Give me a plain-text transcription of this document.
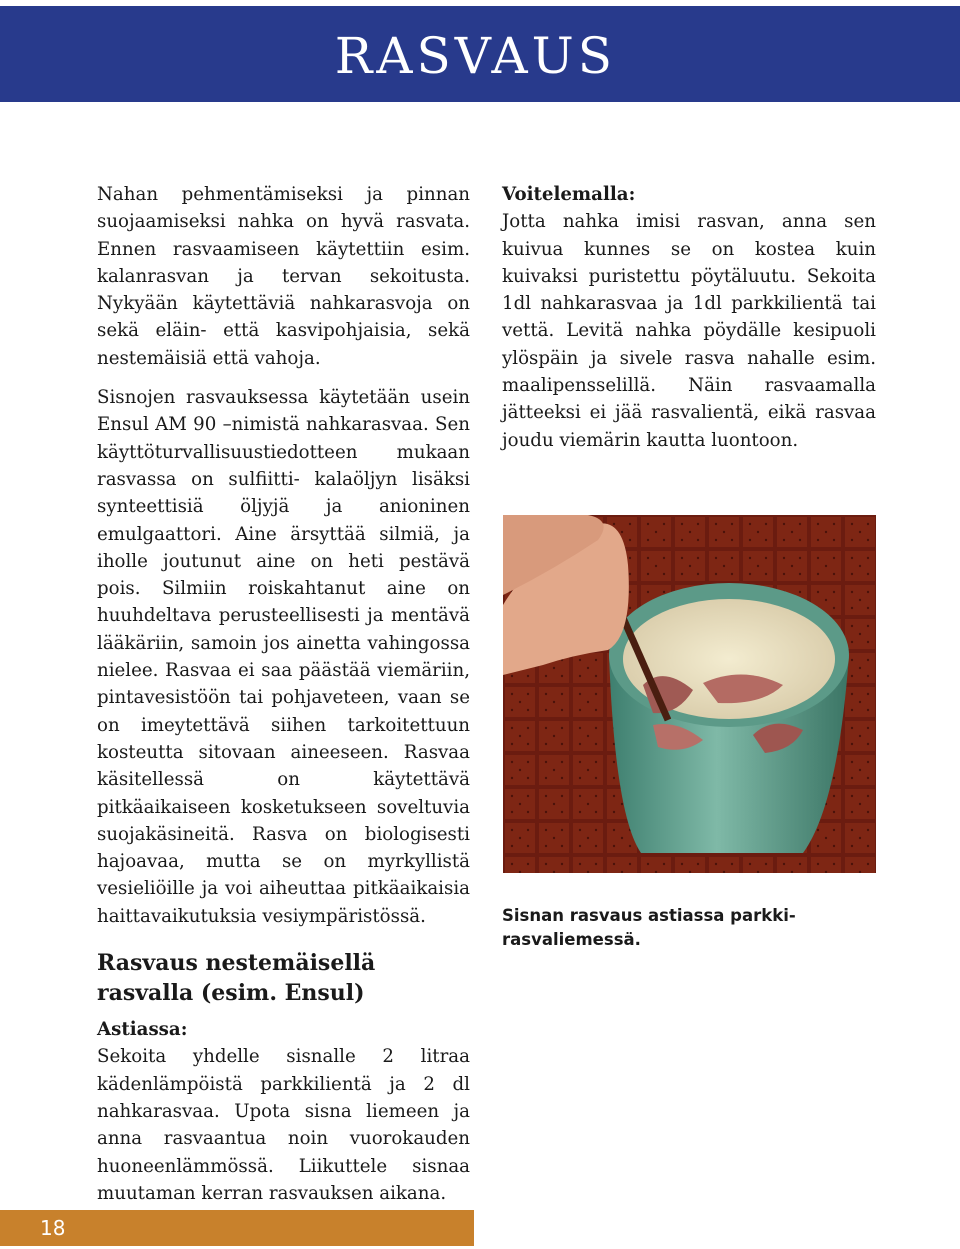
RASVAUS

Nahan pehmentämiseksi ja pinnan suojaamiseksi nahka on hyvä rasvata. Ennen rasvaamiseen käytettiin esim. kalanrasvan ja tervan sekoitusta. Nykyään käytettäviä nahkarasvoja on sekä eläin- että kasvipohjaisia, sekä nestemäisiä että vahoja.

Sisnojen rasvauksessa käytetään usein Ensul AM 90 –nimistä nahkarasvaa. Sen käyttöturvallisuustiedotteen mukaan rasvassa on sulfiitti- kalaöljyn lisäksi synteettisiä öljyjä ja anioninen emulgaattori. Aine ärsyttää silmiä, ja iholle joutunut aine on heti pestävä pois. Silmiin roiskahtanut aine on huuhdeltava perusteellisesti ja mentävä lääkäriin, samoin jos ainetta vahingossa nielee. Rasvaa ei saa päästää viemäriin, pintavesistöön tai pohjaveteen, vaan se on imeytettävä siihen tarkoitettuun kosteutta sitovaan aineeseen. Rasvaa käsitellessä on käytettävä pitkäaikaiseen kosketukseen soveltuvia suojakäsineitä. Rasva on biologisesti hajoavaa, mutta se on myrkyllistä vesieliöille ja voi aiheuttaa pitkäaikaisia haittavaikutuksia vesiympäristössä.

Rasvaus nestemäisellä rasvalla (esim. Ensul)
Astiassa:

Sekoita yhdelle sisnalle 2 litraa kädenlämpöistä parkkilientä ja 2 dl nahkarasvaa. Upota sisna liemeen ja anna rasvaantua noin vuorokauden huoneenlämmössä. Liikuttele sisnaa muutaman kerran rasvauksen aikana.

Voitelemalla:

Jotta nahka imisi rasvan, anna sen kuivua kunnes se on kostea kuin kuivaksi puristettu pöytäluutu. Sekoita 1dl nahkarasvaa ja 1dl parkkilientä tai vettä. Levitä nahka pöydälle kesipuoli ylöspäin ja sivele rasva nahalle esim. maalipensselillä. Näin rasvaamalla jätteeksi ei jää rasvalientä, eikä rasvaa joudu viemärin kautta luontoon.

Sisnan rasvaus astiassa parkki-rasvaliemessä.
18
